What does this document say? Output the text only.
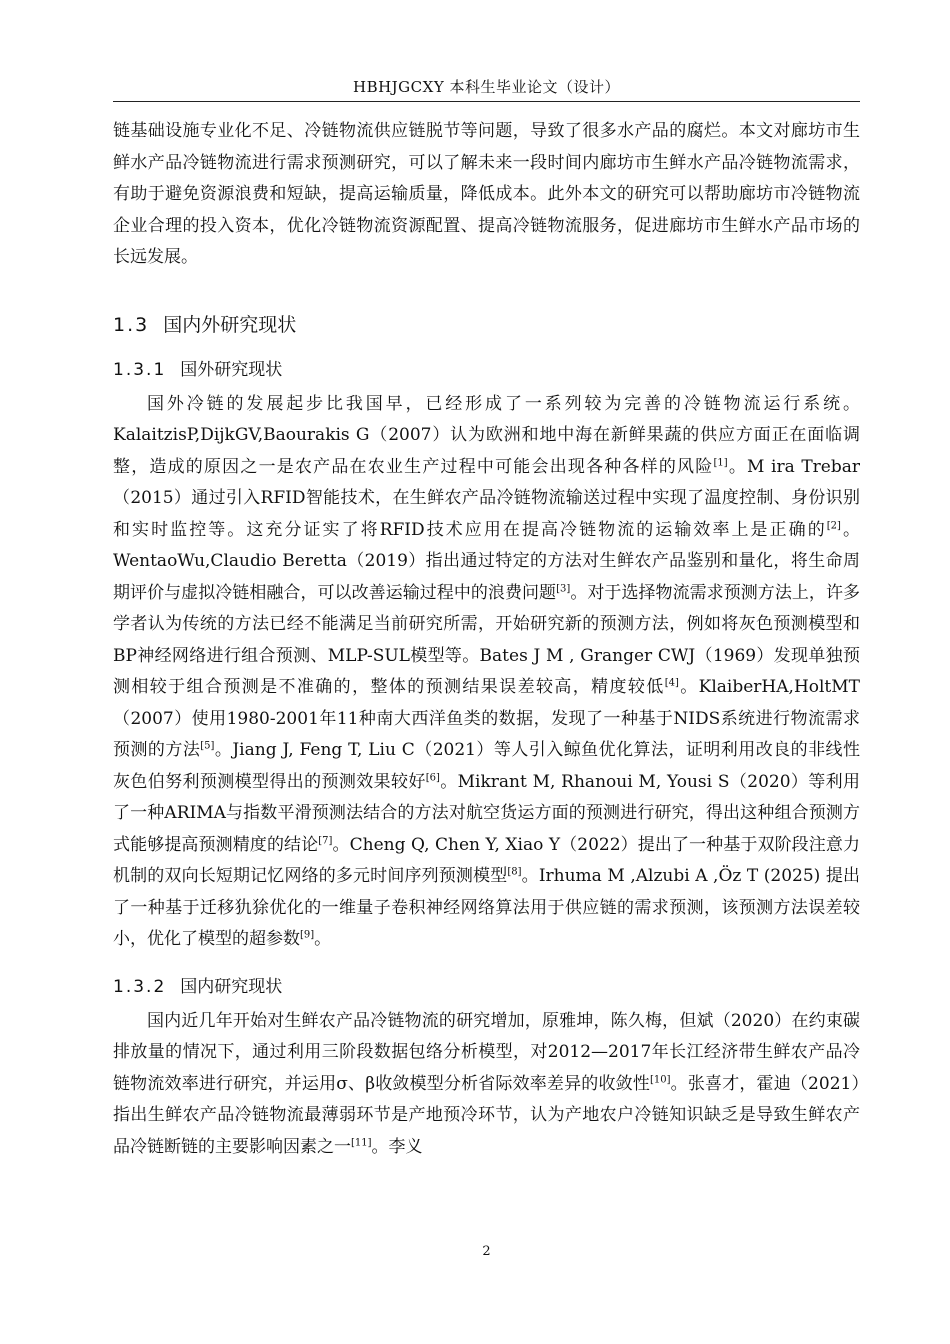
HBHJGCXY 本科生毕业论文（设计）

链基础设施专业化不足、冷链物流供应链脱节等问题，导致了很多水产品的腐烂。本文对廊坊市生鲜水产品冷链物流进行需求预测研究，可以了解未来一段时间内廊坊市生鲜水产品冷链物流需求，有助于避免资源浪费和短缺，提高运输质量，降低成本。此外本文的研究可以帮助廊坊市冷链物流企业合理的投入资本，优化冷链物流资源配置、提高冷链物流服务，促进廊坊市生鲜水产品市场的长远发展。

1.3 国内外研究现状
1.3.1 国外研究现状

国外冷链的发展起步比我国早，已经形成了一系列较为完善的冷链物流运行系统。KalaitzisP,DijkGV,Baourakis G（2007）认为欧洲和地中海在新鲜果蔬的供应方面正在面临调整，造成的原因之一是农产品在农业生产过程中可能会出现各种各样的风险[1]。M ira Trebar（2015）通过引入RFID智能技术，在生鲜农产品冷链物流输送过程中实现了温度控制、身份识别和实时监控等。这充分证实了将RFID技术应用在提高冷链物流的运输效率上是正确的[2]。WentaoWu,Claudio Beretta（2019）指出通过特定的方法对生鲜农产品鉴别和量化，将生命周期评价与虚拟冷链相融合，可以改善运输过程中的浪费问题[3]。对于选择物流需求预测方法上，许多学者认为传统的方法已经不能满足当前研究所需，开始研究新的预测方法，例如将灰色预测模型和BP神经网络进行组合预测、MLP-SUL模型等。Bates J M , Granger CWJ（1969）发现单独预测相较于组合预测是不准确的，整体的预测结果误差较高，精度较低[4]。KlaiberHA,HoltMT（2007）使用1980-2001年11种南大西洋鱼类的数据，发现了一种基于NIDS系统进行物流需求预测的方法[5]。Jiang J, Feng T, Liu C（2021）等人引入鲸鱼优化算法，证明利用改良的非线性灰色伯努利预测模型得出的预测效果较好[6]。Mikrant M, Rhanoui M, Yousi S（2020）等利用了一种ARIMA与指数平滑预测法结合的方法对航空货运方面的预测进行研究，得出这种组合预测方式能够提高预测精度的结论[7]。Cheng Q, Chen Y, Xiao Y（2022）提出了一种基于双阶段注意力机制的双向长短期记忆网络的多元时间序列预测模型[8]。Irhuma M ,Alzubi A ,Öz T (2025) 提出了一种基于迁移犰狳优化的一维量子卷积神经网络算法用于供应链的需求预测，该预测方法误差较小，优化了模型的超参数[9]。

1.3.2 国内研究现状

国内近几年开始对生鲜农产品冷链物流的研究增加，原雅坤，陈久梅，但斌（2020）在约束碳排放量的情况下，通过利用三阶段数据包络分析模型，对2012—2017年长江经济带生鲜农产品冷链物流效率进行研究，并运用σ、β收敛模型分析省际效率差异的收敛性[10]。张喜才，霍迪（2021）指出生鲜农产品冷链物流最薄弱环节是产地预冷环节，认为产地农户冷链知识缺乏是导致生鲜农产品冷链断链的主要影响因素之一[11]。李义

2
